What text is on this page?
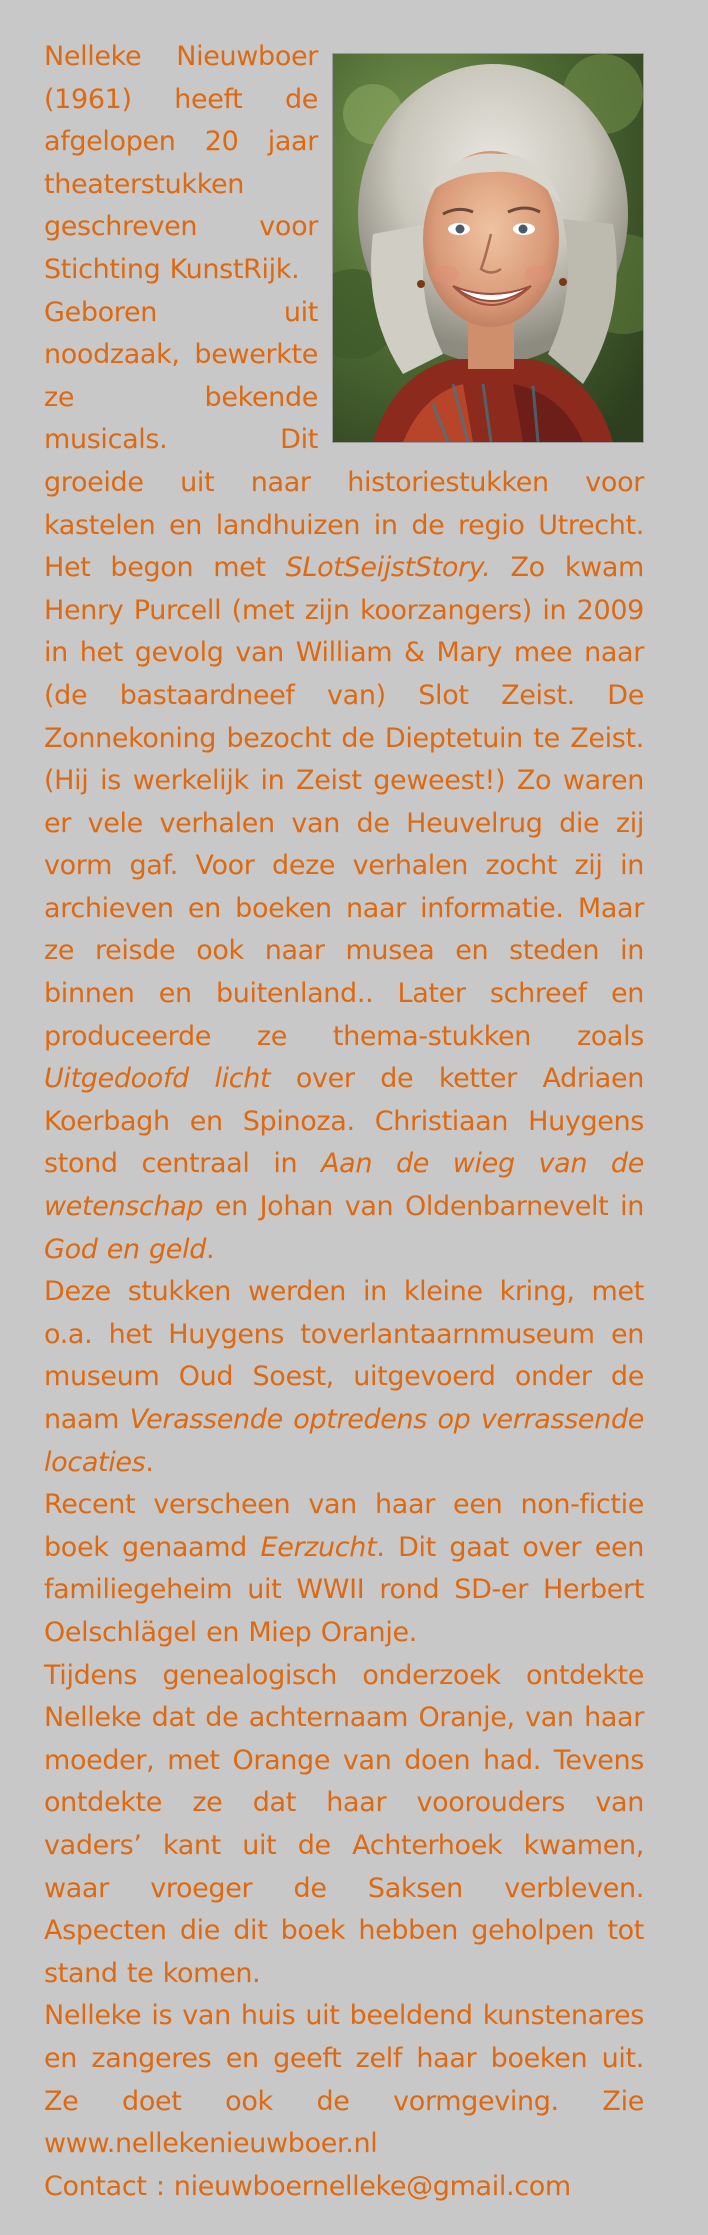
Nelleke Nieuwboer (1961) heeft de afgelopen 20 jaar theaterstukken geschreven voor Stichting KunstRijk.

Geboren uit noodzaak, bewerkte ze bekende musicals. Dit groeide uit naar historiestukken voor kastelen en landhuizen in de regio Utrecht. Het begon met SLotSeijstStory. Zo kwam Henry Purcell (met zijn koorzangers) in 2009 in het gevolg van William & Mary mee naar (de bastaardneef van) Slot Zeist. De Zonnekoning bezocht de Dieptetuin te Zeist. (Hij is werkelijk in Zeist geweest!) Zo waren er vele verhalen van de Heuvelrug die zij vorm gaf. Voor deze verhalen zocht zij in archieven en boeken naar informatie. Maar ze reisde ook naar musea en steden in binnen en buitenland.. Later schreef en produceerde ze thema-stukken zoals Uitgedoofd licht over de ketter Adriaen Koerbagh en Spinoza. Christiaan Huygens stond centraal in Aan de wieg van de wetenschap en Johan van Oldenbarnevelt in God en geld.

Deze stukken werden in kleine kring, met o.a. het Huygens toverlantaarnmuseum en museum Oud Soest, uitgevoerd onder de naam Verassende optredens op verrassende locaties.

Recent verscheen van haar een non-fictie boek genaamd Eerzucht. Dit gaat over een familiegeheim uit WWII rond SD-er Herbert Oelschlägel en Miep Oranje.

Tijdens genealogisch onderzoek ontdekte Nelleke dat de achternaam Oranje, van haar moeder, met Orange van doen had. Tevens ontdekte ze dat haar voorouders van vaders’ kant uit de Achterhoek kwamen, waar vroeger de Saksen verbleven. Aspecten die dit boek hebben geholpen tot stand te komen.

Nelleke is van huis uit beeldend kunstenares en zangeres en geeft zelf haar boeken uit. Ze doet ook de vormgeving. Zie www.nellekenieuwboer.nl

Contact : nieuwboernelleke@gmail.com
